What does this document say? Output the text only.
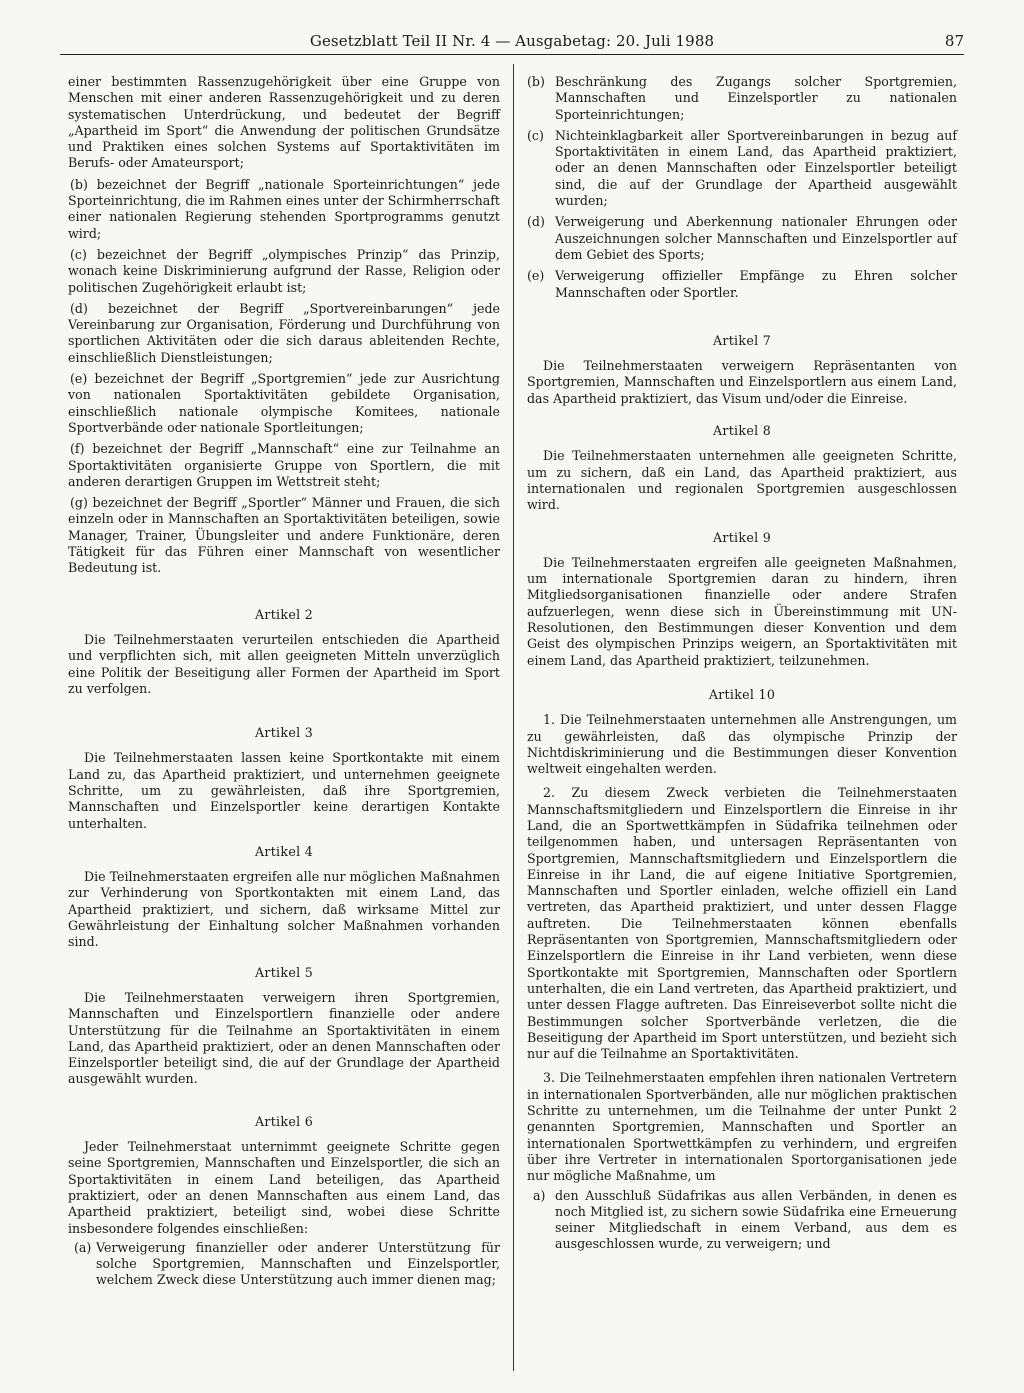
Gesetzblatt Teil II Nr. 4 — Ausgabetag: 20. Juli 1988	87

einer bestimmten Rassenzugehörigkeit über eine Gruppe von Menschen mit einer anderen Rassenzugehörigkeit und zu deren systematischen Unterdrückung, und bedeutet der Begriff „Apartheid im Sport“ die Anwendung der politischen Grundsätze und Praktiken eines solchen Systems auf Sportaktivitäten im Berufs- oder Amateursport;

(b) bezeichnet der Begriff „nationale Sporteinrichtungen“ jede Sporteinrichtung, die im Rahmen eines unter der Schirmherrschaft einer nationalen Regierung stehenden Sportprogramms genutzt wird;

(c) bezeichnet der Begriff „olympisches Prinzip“ das Prinzip, wonach keine Diskriminierung aufgrund der Rasse, Religion oder politischen Zugehörigkeit erlaubt ist;

(d) bezeichnet der Begriff „Sportvereinbarungen“ jede Vereinbarung zur Organisation, Förderung und Durchführung von sportlichen Aktivitäten oder die sich daraus ableitenden Rechte, einschließlich Dienstleistungen;

(e) bezeichnet der Begriff „Sportgremien“ jede zur Ausrichtung von nationalen Sportaktivitäten gebildete Organisation, einschließlich nationale olympische Komitees, nationale Sportverbände oder nationale Sportleitungen;

(f) bezeichnet der Begriff „Mannschaft“ eine zur Teilnahme an Sportaktivitäten organisierte Gruppe von Sportlern, die mit anderen derartigen Gruppen im Wettstreit steht;

(g) bezeichnet der Begriff „Sportler“ Männer und Frauen, die sich einzeln oder in Mannschaften an Sportaktivitäten beteiligen, sowie Manager, Trainer, Übungsleiter und andere Funktionäre, deren Tätigkeit für das Führen einer Mannschaft von wesentlicher Bedeutung ist.

Artikel 2

Die Teilnehmerstaaten verurteilen entschieden die Apartheid und verpflichten sich, mit allen geeigneten Mitteln unverzüglich eine Politik der Beseitigung aller Formen der Apartheid im Sport zu verfolgen.

Artikel 3

Die Teilnehmerstaaten lassen keine Sportkontakte mit einem Land zu, das Apartheid praktiziert, und unternehmen geeignete Schritte, um zu gewährleisten, daß ihre Sportgremien, Mannschaften und Einzelsportler keine derartigen Kontakte unterhalten.

Artikel 4

Die Teilnehmerstaaten ergreifen alle nur möglichen Maßnahmen zur Verhinderung von Sportkontakten mit einem Land, das Apartheid praktiziert, und sichern, daß wirksame Mittel zur Gewährleistung der Einhaltung solcher Maßnahmen vorhanden sind.

Artikel 5

Die Teilnehmerstaaten verweigern ihren Sportgremien, Mannschaften und Einzelsportlern finanzielle oder andere Unterstützung für die Teilnahme an Sportaktivitäten in einem Land, das Apartheid praktiziert, oder an denen Mannschaften oder Einzelsportler beteiligt sind, die auf der Grundlage der Apartheid ausgewählt wurden.

Artikel 6

Jeder Teilnehmerstaat unternimmt geeignete Schritte gegen seine Sportgremien, Mannschaften und Einzelsportler, die sich an Sportaktivitäten in einem Land beteiligen, das Apartheid praktiziert, oder an denen Mannschaften aus einem Land, das Apartheid praktiziert, beteiligt sind, wobei diese Schritte insbesondere folgendes einschließen:

(a) Verweigerung finanzieller oder anderer Unterstützung für solche Sportgremien, Mannschaften und Einzelsportler, welchem Zweck diese Unterstützung auch immer dienen mag;

(b) Beschränkung des Zugangs solcher Sportgremien, Mannschaften und Einzelsportler zu nationalen Sporteinrichtungen;

(c) Nichteinklagbarkeit aller Sportvereinbarungen in bezug auf Sportaktivitäten in einem Land, das Apartheid praktiziert, oder an denen Mannschaften oder Einzelsportler beteiligt sind, die auf der Grundlage der Apartheid ausgewählt wurden;

(d) Verweigerung und Aberkennung nationaler Ehrungen oder Auszeichnungen solcher Mannschaften und Einzelsportler auf dem Gebiet des Sports;

(e) Verweigerung offizieller Empfänge zu Ehren solcher Mannschaften oder Sportler.

Artikel 7

Die Teilnehmerstaaten verweigern Repräsentanten von Sportgremien, Mannschaften und Einzelsportlern aus einem Land, das Apartheid praktiziert, das Visum und/oder die Einreise.

Artikel 8

Die Teilnehmerstaaten unternehmen alle geeigneten Schritte, um zu sichern, daß ein Land, das Apartheid praktiziert, aus internationalen und regionalen Sportgremien ausgeschlossen wird.

Artikel 9

Die Teilnehmerstaaten ergreifen alle geeigneten Maßnahmen, um internationale Sportgremien daran zu hindern, ihren Mitgliedsorganisationen finanzielle oder andere Strafen aufzuerlegen, wenn diese sich in Übereinstimmung mit UN-Resolutionen, den Bestimmungen dieser Konvention und dem Geist des olympischen Prinzips weigern, an Sportaktivitäten mit einem Land, das Apartheid praktiziert, teilzunehmen.

Artikel 10

1. Die Teilnehmerstaaten unternehmen alle Anstrengungen, um zu gewährleisten, daß das olympische Prinzip der Nichtdiskriminierung und die Bestimmungen dieser Konvention weltweit eingehalten werden.

2. Zu diesem Zweck verbieten die Teilnehmerstaaten Mannschaftsmitgliedern und Einzelsportlern die Einreise in ihr Land, die an Sportwettkämpfen in Südafrika teilnehmen oder teilgenommen haben, und untersagen Repräsentanten von Sportgremien, Mannschaftsmitgliedern und Einzelsportlern die Einreise in ihr Land, die auf eigene Initiative Sportgremien, Mannschaften und Sportler einladen, welche offiziell ein Land vertreten, das Apartheid praktiziert, und unter dessen Flagge auftreten. Die Teilnehmerstaaten können ebenfalls Repräsentanten von Sportgremien, Mannschaftsmitgliedern oder Einzelsportlern die Einreise in ihr Land verbieten, wenn diese Sportkontakte mit Sportgremien, Mannschaften oder Sportlern unterhalten, die ein Land vertreten, das Apartheid praktiziert, und unter dessen Flagge auftreten. Das Einreiseverbot sollte nicht die Bestimmungen solcher Sportverbände verletzen, die die Beseitigung der Apartheid im Sport unterstützen, und bezieht sich nur auf die Teilnahme an Sportaktivitäten.

3. Die Teilnehmerstaaten empfehlen ihren nationalen Vertretern in internationalen Sportverbänden, alle nur möglichen praktischen Schritte zu unternehmen, um die Teilnahme der unter Punkt 2 genannten Sportgremien, Mannschaften und Sportler an internationalen Sportwettkämpfen zu verhindern, und ergreifen über ihre Vertreter in internationalen Sportorganisationen jede nur mögliche Maßnahme, um

a) den Ausschluß Südafrikas aus allen Verbänden, in denen es noch Mitglied ist, zu sichern sowie Südafrika eine Erneuerung seiner Mitgliedschaft in einem Verband, aus dem es ausgeschlossen wurde, zu verweigern; und
